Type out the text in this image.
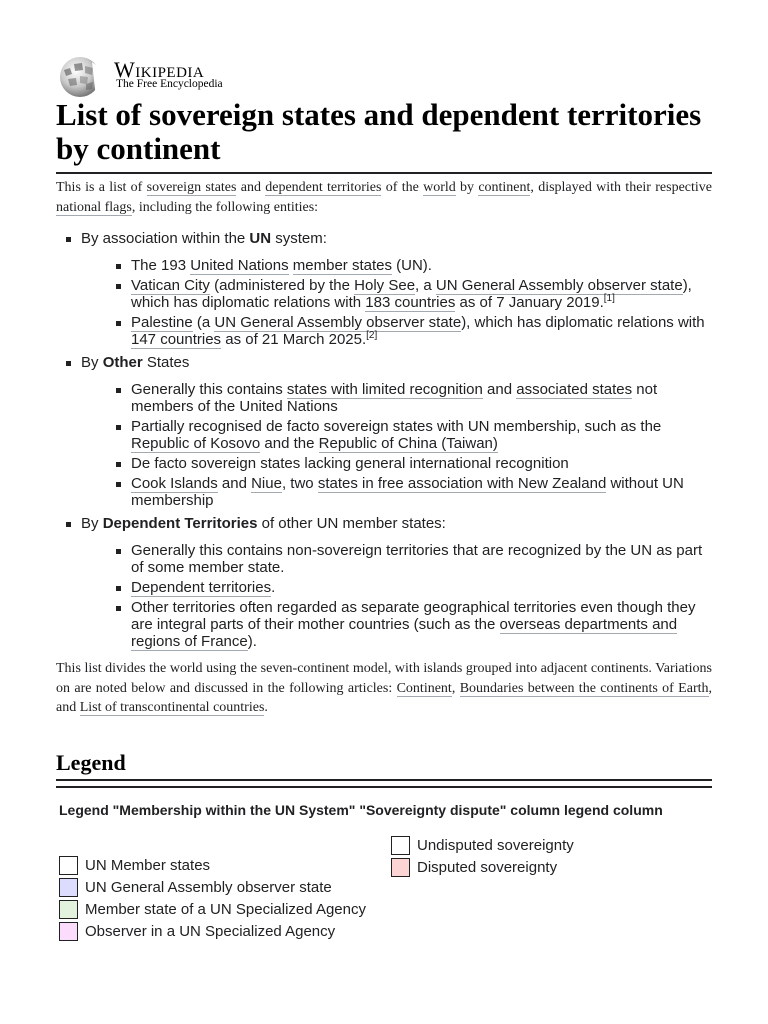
Wikipedia
The Free Encyclopedia
List of sovereign states and dependent territories by continent

This is a list of sovereign states and dependent territories of the world by continent, displayed with their respective national flags, including the following entities:

By association within the UN system:
The 193 United Nations member states (UN).
Vatican City (administered by the Holy See, a UN General Assembly observer state), which has diplomatic relations with 183 countries as of 7 January 2019.[1]
Palestine (a UN General Assembly observer state), which has diplomatic relations with 147 countries as of 21 March 2025.[2]
By Other States
Generally this contains states with limited recognition and associated states not members of the United Nations
Partially recognised de facto sovereign states with UN membership, such as the Republic of Kosovo and the Republic of China (Taiwan)
De facto sovereign states lacking general international recognition
Cook Islands and Niue, two states in free association with New Zealand without UN membership
By Dependent Territories of other UN member states:
Generally this contains non-sovereign territories that are recognized by the UN as part of some member state.
Dependent territories.
Other territories often regarded as separate geographical territories even though they are integral parts of their mother countries (such as the overseas departments and regions of France).

This list divides the world using the seven-continent model, with islands grouped into adjacent continents. Variations on are noted below and discussed in the following articles: Continent, Boundaries between the continents of Earth, and List of transcontinental countries.

Legend
Legend "Membership within the UN System" "Sovereignty dispute" column legend column
UN Member states
UN General Assembly observer state
Member state of a UN Specialized Agency
Observer in a UN Specialized Agency
Undisputed sovereignty
Disputed sovereignty
